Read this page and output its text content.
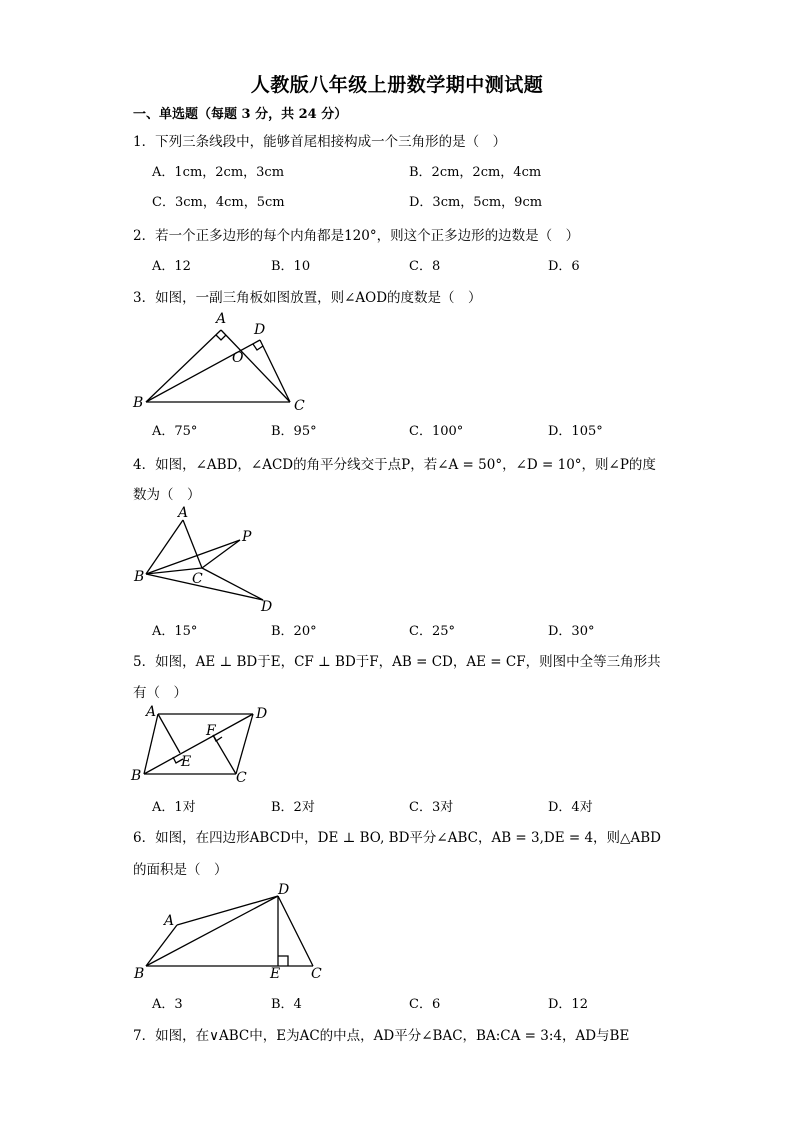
人教版八年级上册数学期中测试题
一、单选题（每题 3 分，共 24 分）
1．下列三条线段中，能够首尾相接构成一个三角形的是（　）
A．1cm，2cm，3cm	B．2cm，2cm，4cm
C．3cm，4cm，5cm	D．3cm，5cm，9cm
2．若一个正多边形的每个内角都是120°，则这个正多边形的边数是（　）
A．12	B．10	C．8	D．6
3．如图，一副三角板如图放置，则∠AOD的度数是（　）
A
D
O
B	C
A．75°	B．95°	C．100°	D．105°
4．如图，∠ABD，∠ACD的角平分线交于点P，若∠A = 50°，∠D = 10°，则∠P的度
数为（　）
A
P
B	C
D
A．15°	B．20°	C．25°	D．30°
5．如图，AE ⊥ BD于E，CF ⊥ BD于F，AB = CD，AE = CF，则图中全等三角形共
有（　）
A	D
F
E
B	C
A．1对	B．2对	C．3对	D．4对
6．如图，在四边形ABCD中，DE ⊥ BO, BD平分∠ABC，AB = 3,DE = 4，则△ABD
的面积是（　）
D
A
B	E C
A．3	B．4	C．6	D．12
7．如图，在∨ABC中，E为AC的中点，AD平分∠BAC，BA:CA = 3:4，AD与BE
